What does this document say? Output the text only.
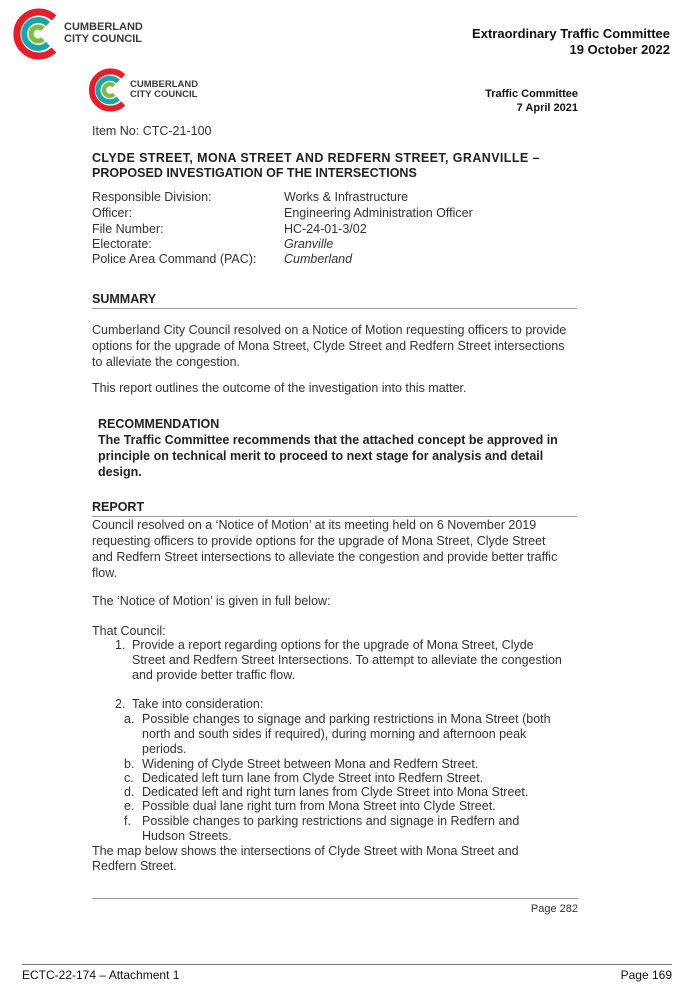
CUMBERLAND
CITY COUNCIL	Extraordinary Traffic Committee
19 October 2022
CUMBERLAND
CITY COUNCIL	Traffic Committee
7 April 2021
Item No: CTC-21-100
CLYDE STREET, MONA STREET AND REDFERN STREET, GRANVILLE –
PROPOSED INVESTIGATION OF THE INTERSECTIONS
Responsible Division:	Works & Infrastructure
Officer:	Engineering Administration Officer
File Number:	HC-24-01-3/02
Electorate:	Granville
Police Area Command (PAC): Cumberland
SUMMARY
Cumberland City Council resolved on a Notice of Motion requesting officers to provide
options for the upgrade of Mona Street, Clyde Street and Redfern Street intersections
to alleviate the congestion.
This report outlines the outcome of the investigation into this matter.
RECOMMENDATION
The Traffic Committee recommends that the attached concept be approved in
principle on technical merit to proceed to next stage for analysis and detail
design.
REPORT
Council resolved on a ‘Notice of Motion’ at its meeting held on 6 November 2019
requesting officers to provide options for the upgrade of Mona Street, Clyde Street
and Redfern Street intersections to alleviate the congestion and provide better traffic
flow.
The ‘Notice of Motion’ is given in full below:
That Council:
1. Provide a report regarding options for the upgrade of Mona Street, Clyde
Street and Redfern Street Intersections. To attempt to alleviate the congestion
and provide better traffic flow.
2. Take into consideration:
a. Possible changes to signage and parking restrictions in Mona Street (both
north and south sides if required), during morning and afternoon peak
periods.
b. Widening of Clyde Street between Mona and Redfern Street.
c. Dedicated left turn lane from Clyde Street into Redfern Street.
d. Dedicated left and right turn lanes from Clyde Street into Mona Street.
e. Possible dual lane right turn from Mona Street into Clyde Street.
f. Possible changes to parking restrictions and signage in Redfern and
Hudson Streets.
The map below shows the intersections of Clyde Street with Mona Street and
Redfern Street.
Page 282
ECTC-22-174 – Attachment 1	Page 169
